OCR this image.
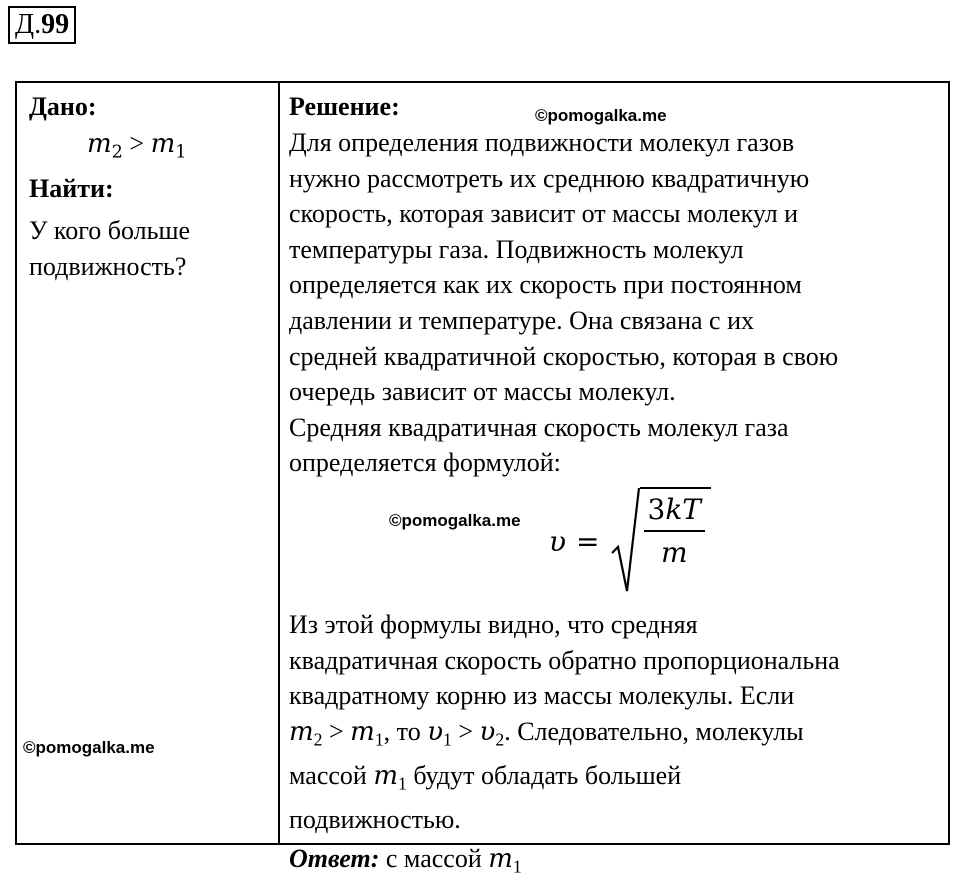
Д.99
Дано:
$m_2 > m_1$
Найти:
У кого больше
подвижность?
©pomogalka.me
Решение:	©pomogalka.me
Для определения подвижности молекул газов
нужно рассмотреть их среднюю квадратичную
скорость, которая зависит от массы молекул и
температуры газа. Подвижность молекул
определяется как их скорость при постоянном
давлении и температуре. Она связана с их
средней квадратичной скоростью, которая в свою
очередь зависит от массы молекул.
Средняя квадратичная скорость молекул газа
определяется формулой:
©pomogalka.me
υ =
3kT
m
Из этой формулы видно, что средняя
квадратичная скорость обратно пропорциональна
квадратному корню из массы молекулы. Если
$m_2 > m_1$, то $\upsilon_1 > \upsilon_2$. Следовательно, молекулы
массой $m_1$ будут обладать большей
подвижностью.
Ответ: с массой $m_1$
